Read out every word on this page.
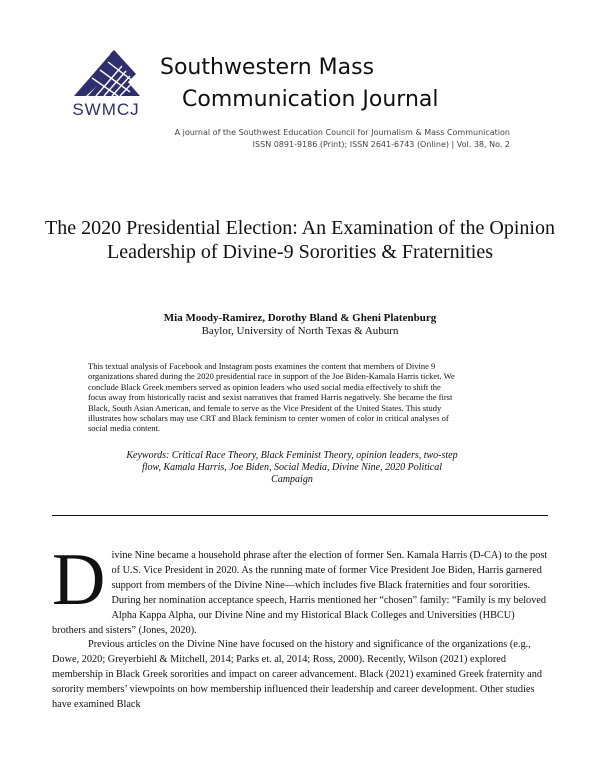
SWMCJ
Southwestern Mass
Communication Journal
A journal of the Southwest Education Council for Journalism & Mass Communication
ISSN 0891-9186 (Print); ISSN 2641-6743 (Online) | Vol. 38, No. 2
The 2020 Presidential Election: An Examination of the Opinion Leadership of Divine-9 Sororities & Fraternities
Mia Moody-Ramirez, Dorothy Bland & Gheni Platenburg
Baylor, University of North Texas & Auburn
This textual analysis of Facebook and Instagram posts examines the content that members of Divine 9 organizations shared during the 2020 presidential race in support of the Joe Biden-Kamala Harris ticket. We conclude Black Greek members served as opinion leaders who used social media effectively to shift the focus away from historically racist and sexist narratives that framed Harris negatively. She became the first Black, South Asian American, and female to serve as the Vice President of the United States. This study illustrates how scholars may use CRT and Black feminism to center women of color in critical analyses of social media content.
Keywords: Critical Race Theory, Black Feminist Theory, opinion leaders, two-step flow, Kamala Harris, Joe Biden, Social Media, Divine Nine, 2020 Political Campaign

Divine Nine became a household phrase after the election of former Sen. Kamala Harris (D-CA) to the post of U.S. Vice President in 2020. As the running mate of former Vice President Joe Biden, Harris garnered support from members of the Divine Nine—which includes five Black fraternities and four sororities. During her nomination acceptance speech, Harris mentioned her “chosen” family: “Family is my beloved Alpha Kappa Alpha, our Divine Nine and my Historical Black Colleges and Universities (HBCU) brothers and sisters” (Jones, 2020).

Previous articles on the Divine Nine have focused on the history and significance of the organizations (e.g., Dowe, 2020; Greyerbiehl & Mitchell, 2014; Parks et. al, 2014; Ross, 2000). Recently, Wilson (2021) explored membership in Black Greek sororities and impact on career advancement. Black (2021) examined Greek fraternity and sorority members’ viewpoints on how membership influenced their leadership and career development. Other studies have examined Black
